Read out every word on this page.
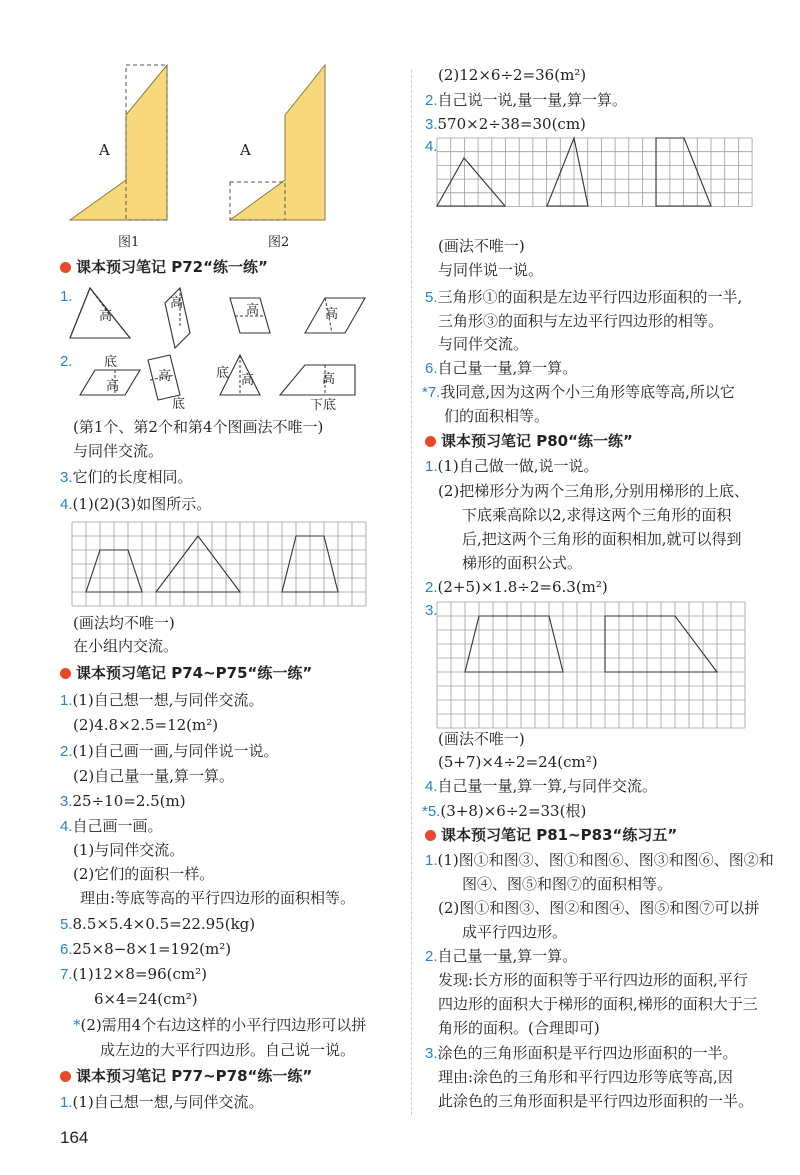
A
图1
A
图2
课本预习笔记 P72“练一练”
1.
高
高	高	高
2. 底
高
高
底
底 高	高
下底
(第1个、第2个和第4个图画法不唯一)
与同伴交流。
3.它们的长度相同。
4.(1)(2)(3)如图所示。
(画法均不唯一)
在小组内交流。
课本预习笔记 P74~P75“练一练”
1.(1)自己想一想,与同伴交流。
(2)4.8×2.5=12(m²)
2.(1)自己画一画,与同伴说一说。
(2)自己量一量,算一算。
3.25÷10=2.5(m)
4.自己画一画。
(1)与同伴交流。
(2)它们的面积一样。
理由:等底等高的平行四边形的面积相等。
5.8.5×5.4×0.5=22.95(kg)
6.25×8−8×1=192(m²)
7.(1)12×8=96(cm²)
6×4=24(cm²)
*(2)需用4个右边这样的小平行四边形可以拼
成左边的大平行四边形。自己说一说。
课本预习笔记 P77~P78“练一练”
1.(1)自己想一想,与同伴交流。
164
(2)12×6÷2=36(m²)
2.自己说一说,量一量,算一算。
3.570×2÷38=30(cm)
4.
(画法不唯一)
与同伴说一说。
5.三角形①的面积是左边平行四边形面积的一半,
三角形③的面积与左边平行四边形的相等。
与同伴交流。
6.自己量一量,算一算。
*7.我同意,因为这两个小三角形等底等高,所以它
们的面积相等。
课本预习笔记 P80“练一练”
1.(1)自己做一做,说一说。
(2)把梯形分为两个三角形,分别用梯形的上底、
下底乘高除以2,求得这两个三角形的面积
后,把这两个三角形的面积相加,就可以得到
梯形的面积公式。
2.(2+5)×1.8÷2=6.3(m²)
3.
(画法不唯一)
(5+7)×4÷2=24(cm²)
4.自己量一量,算一算,与同伴交流。
*5.(3+8)×6÷2=33(根)
课本预习笔记 P81~P83“练习五”
1.(1)图①和图③、图①和图⑥、图③和图⑥、图②和
图④、图⑤和图⑦的面积相等。
(2)图①和图③、图②和图④、图⑤和图⑦可以拼
成平行四边形。
2.自己量一量,算一算。
发现:长方形的面积等于平行四边形的面积,平行
四边形的面积大于梯形的面积,梯形的面积大于三
角形的面积。(合理即可)
3.涂色的三角形面积是平行四边形面积的一半。
理由:涂色的三角形和平行四边形等底等高,因
此涂色的三角形面积是平行四边形面积的一半。
